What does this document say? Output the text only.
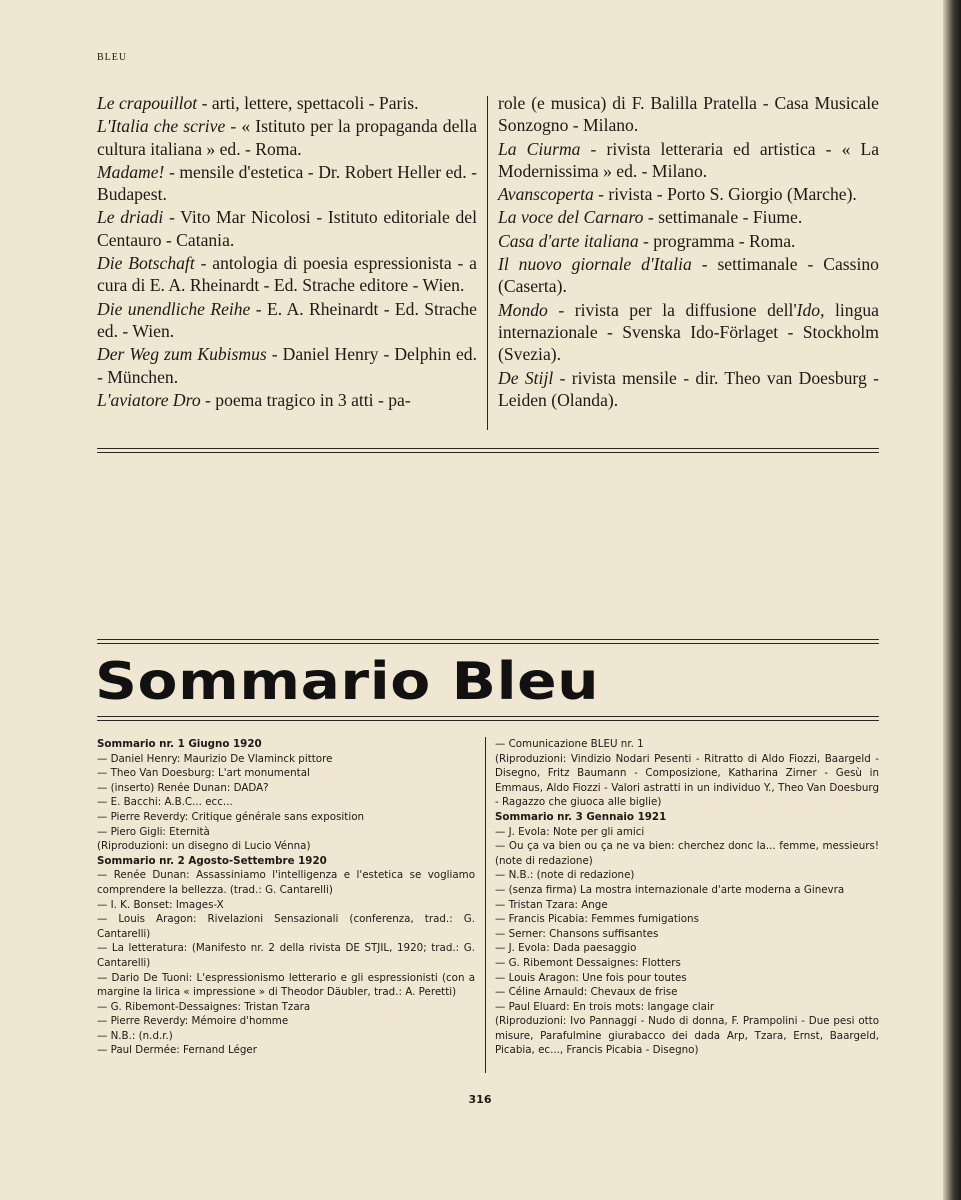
BLEU
Le crapouillot - arti, lettere, spettacoli - Paris.
L'Italia che scrive - « Istituto per la propaganda della cultura italiana » ed. - Roma.
Madame! - mensile d'estetica - Dr. Robert Heller ed. - Budapest.
Le driadi - Vito Mar Nicolosi - Istituto editoriale del Centauro - Catania.
Die Botschaft - antologia di poesia espressionista - a cura di E. A. Rheinardt - Ed. Strache editore - Wien.
Die unendliche Reihe - E. A. Rheinardt - Ed. Strache ed. - Wien.
Der Weg zum Kubismus - Daniel Henry - Delphin ed. - München.
L'aviatore Dro - poema tragico in 3 atti - pa-
role (e musica) di F. Balilla Pratella - Casa Musicale Sonzogno - Milano.
La Ciurma - rivista letteraria ed artistica - « La Modernissima » ed. - Milano.
Avanscoperta - rivista - Porto S. Giorgio (Marche).
La voce del Carnaro - settimanale - Fiume.
Casa d'arte italiana - programma - Roma.
Il nuovo giornale d'Italia - settimanale - Cassino (Caserta).
Mondo - rivista per la diffusione dell'Ido, lingua internazionale - Svenska Ido-Förlaget - Stockholm (Svezia).
De Stijl - rivista mensile - dir. Theo van Doesburg - Leiden (Olanda).
Sommario Bleu
Sommario nr. 1 Giugno 1920
— Daniel Henry: Maurizio De Vlaminck pittore
— Theo Van Doesburg: L'art monumental
— (inserto) Renée Dunan: DADA?
— E. Bacchi: A.B.C... ecc...
— Pierre Reverdy: Critique générale sans exposition
— Piero Gigli: Eternità
(Riproduzioni: un disegno di Lucio Vénna)
Sommario nr. 2 Agosto-Settembre 1920
— Renée Dunan: Assassiniamo l'intelligenza e l'estetica se vogliamo comprendere la bellezza. (trad.: G. Cantarelli)
— I. K. Bonset: Images-X
— Louis Aragon: Rivelazioni Sensazionali (conferenza, trad.: G. Cantarelli)
— La letteratura: (Manifesto nr. 2 della rivista DE STJIL, 1920; trad.: G. Cantarelli)
— Dario De Tuoni: L'espressionismo letterario e gli espressionisti (con a margine la lirica « impressione » di Theodor Däubler, trad.: A. Peretti)
— G. Ribemont-Dessaignes: Tristan Tzara
— Pierre Reverdy: Mémoire d'homme
— N.B.: (n.d.r.)
— Paul Dermée: Fernand Léger
— Comunicazione BLEU nr. 1
(Riproduzioni: Vindizio Nodari Pesenti - Ritratto di Aldo Fiozzi, Baargeld - Disegno, Fritz Baumann - Composizione, Katharina Zirner - Gesù in Emmaus, Aldo Fiozzi - Valori astratti in un individuo Y., Theo Van Doesburg - Ragazzo che giuoca alle biglie)
Sommario nr. 3 Gennaio 1921
— J. Evola: Note per gli amici
— Ou ça va bien ou ça ne va bien: cherchez donc la... femme, messieurs! (note di redazione)
— N.B.: (note di redazione)
— (senza firma) La mostra internazionale d'arte moderna a Ginevra
— Tristan Tzara: Ange
— Francis Picabia: Femmes fumigations
— Serner: Chansons suffisantes
— J. Evola: Dada paesaggio
— G. Ribemont Dessaignes: Flotters
— Louis Aragon: Une fois pour toutes
— Céline Arnauld: Chevaux de frise
— Paul Eluard: En trois mots: langage clair
(Riproduzioni: Ivo Pannaggi - Nudo di donna, F. Prampolini - Due pesi otto misure, Parafulmine giurabacco dei dada Arp, Tzara, Ernst, Baargeld, Picabia, ec..., Francis Picabia - Disegno)
316
